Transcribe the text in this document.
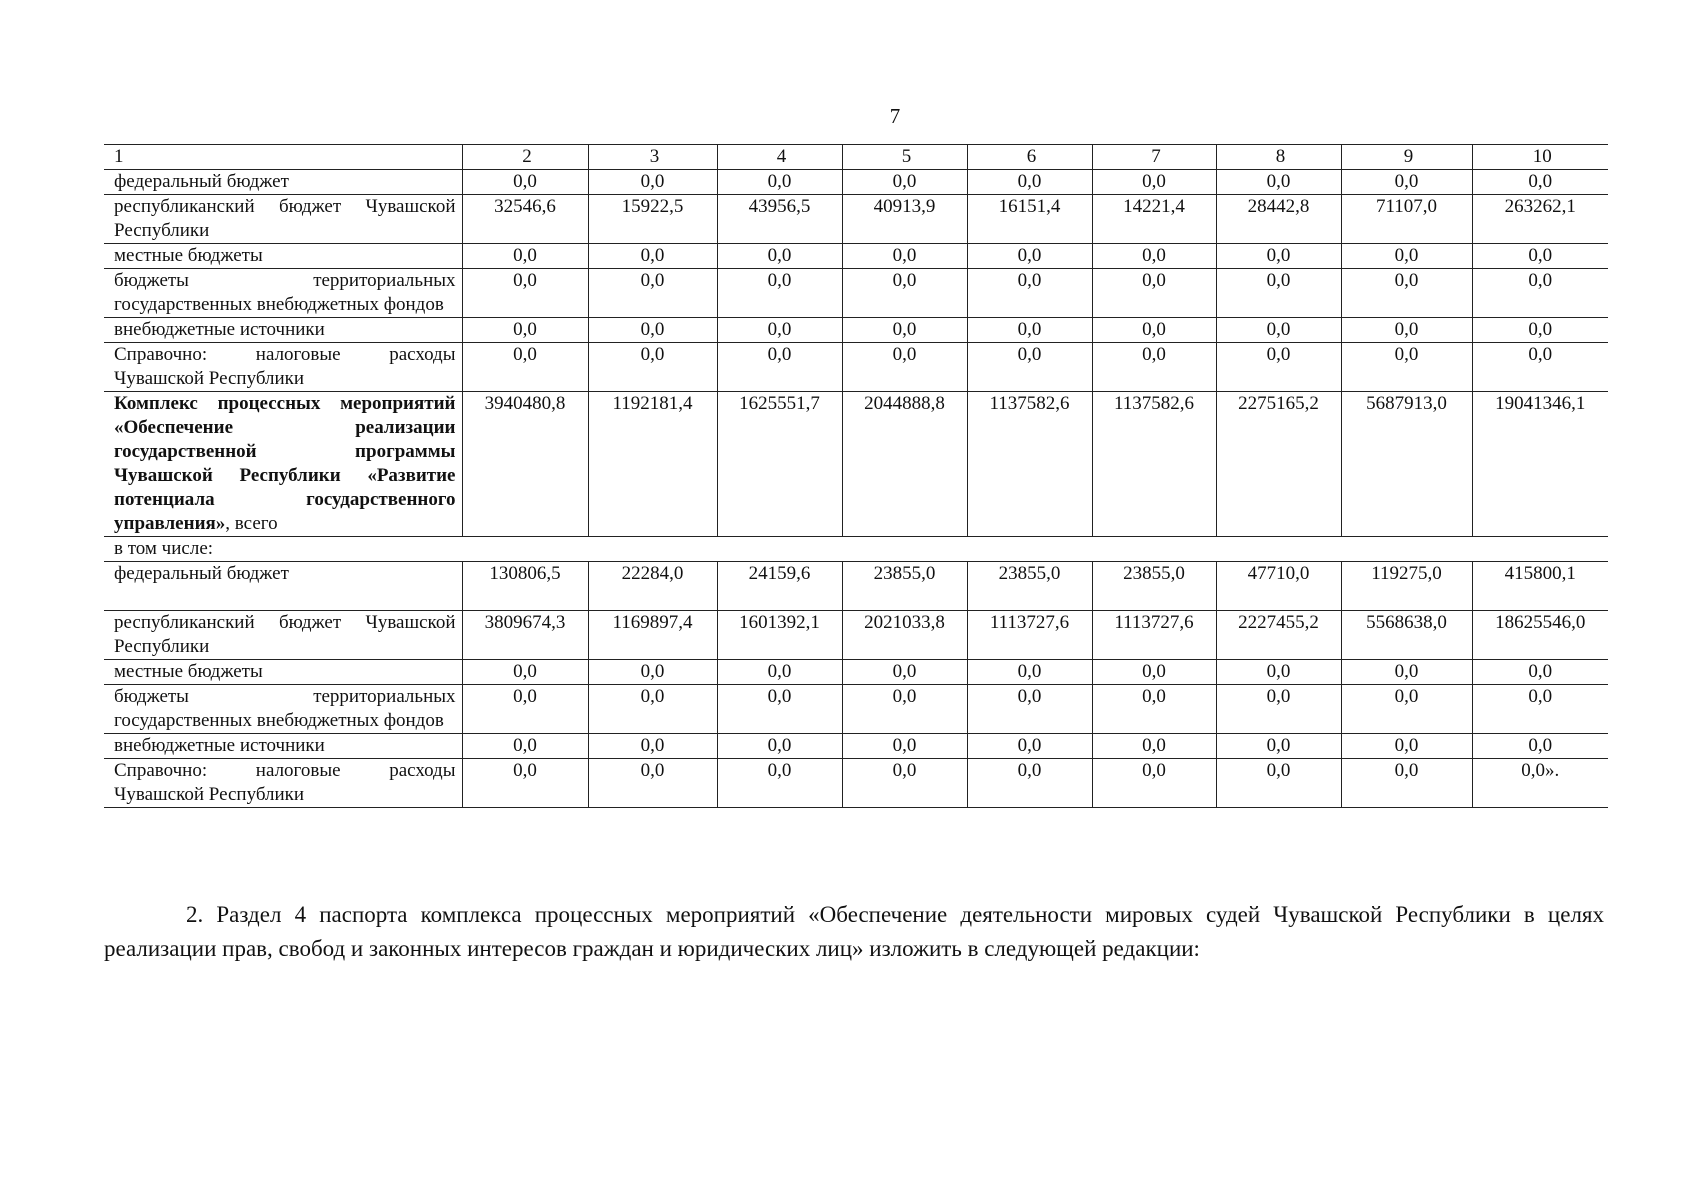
7
1	2	3	4	5	6	7	8	9	10
федеральный бюджет	0,0	0,0	0,0	0,0	0,0	0,0	0,0	0,0	0,0
республиканский бюджет Чувашской Республики	32546,6	15922,5	43956,5	40913,9	16151,4	14221,4	28442,8	71107,0	263262,1
местные бюджеты	0,0	0,0	0,0	0,0	0,0	0,0	0,0	0,0	0,0
бюджеты территориальных государственных внебюджетных фондов	0,0	0,0	0,0	0,0	0,0	0,0	0,0	0,0	0,0
внебюджетные источники	0,0	0,0	0,0	0,0	0,0	0,0	0,0	0,0	0,0
Справочно: налоговые расходы Чувашской Республики	0,0	0,0	0,0	0,0	0,0	0,0	0,0	0,0	0,0
Комплекс процессных мероприятий «Обеспечение реализации государственной программы Чувашской Республики «Развитие потенциала государственного управления», всего	3940480,8	1192181,4	1625551,7	2044888,8	1137582,6	1137582,6	2275165,2	5687913,0	19041346,1
в том числе:									
федеральный бюджет	130806,5	22284,0	24159,6	23855,0	23855,0	23855,0	47710,0	119275,0	415800,1
республиканский бюджет Чувашской Республики	3809674,3	1169897,4	1601392,1	2021033,8	1113727,6	1113727,6	2227455,2	5568638,0	18625546,0
местные бюджеты	0,0	0,0	0,0	0,0	0,0	0,0	0,0	0,0	0,0
бюджеты территориальных государственных внебюджетных фондов	0,0	0,0	0,0	0,0	0,0	0,0	0,0	0,0	0,0
внебюджетные источники	0,0	0,0	0,0	0,0	0,0	0,0	0,0	0,0	0,0
Справочно: налоговые расходы Чувашской Республики	0,0	0,0	0,0	0,0	0,0	0,0	0,0	0,0	0,0».

2. Раздел 4 паспорта комплекса процессных мероприятий «Обеспечение деятельности мировых судей Чувашской Республики в целях реализации прав, свобод и законных интересов граждан и юридических лиц» изложить в следующей редакции:
